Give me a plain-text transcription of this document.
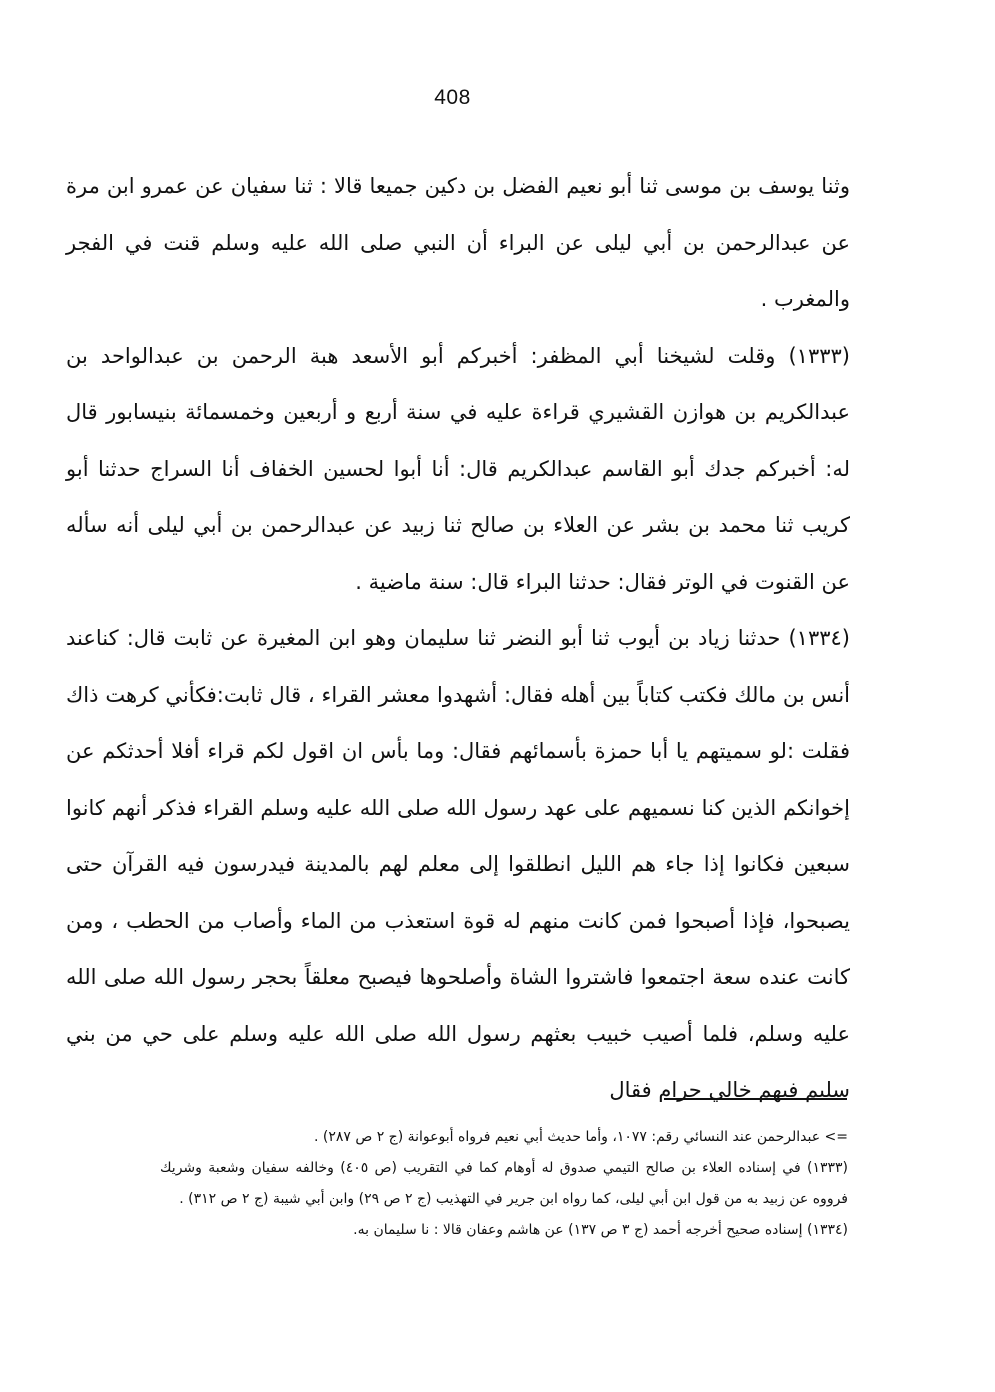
408

وثنا يوسف بن موسى ثنا أبو نعيم الفضل بن دكين جميعا قالا : ثنا سفيان عن عمرو ابن مرة عن عبدالرحمن بن أبي ليلى عن البراء أن النبي صلى الله عليه وسلم قنت في الفجر والمغرب .

(١٣٣٣) وقلت لشيخنا أبي المظفر: أخبركم أبو الأسعد هبة الرحمن بن عبدالواحد بن عبدالكريم بن هوازن القشيري قراءة عليه في سنة أربع و أربعين وخمسمائة بنيسابور قال له: أخبركم جدك أبو القاسم عبدالكريم قال: أنا أبوا لحسين الخفاف أنا السراج حدثنا أبو كريب ثنا محمد بن بشر عن العلاء بن صالح ثنا زبيد عن عبدالرحمن بن أبي ليلى أنه سأله عن القنوت في الوتر فقال: حدثنا البراء قال: سنة ماضية .

(١٣٣٤) حدثنا زياد بن أيوب ثنا أبو النضر ثنا سليمان وهو ابن المغيرة عن ثابت قال: كناعند أنس بن مالك فكتب كتاباً بين أهله فقال: أشهدوا معشر القراء ، قال ثابت:فكأني كرهت ذاك فقلت :لو سميتهم يا أبا حمزة بأسمائهم فقال: وما بأس ان اقول لكم قراء أفلا أحدثكم عن إخوانكم الذين كنا نسميهم على عهد رسول الله صلى الله عليه وسلم القراء فذكر أنهم كانوا سبعين فكانوا إذا جاء هم الليل انطلقوا إلى معلم لهم بالمدينة فيدرسون فيه القرآن حتى يصبحوا، فإذا أصبحوا فمن كانت منهم له قوة استعذب من الماء وأصاب من الحطب ، ومن كانت عنده سعة اجتمعوا فاشتروا الشاة وأصلحوها فيصبح معلقاً بحجر رسول الله صلى الله عليه وسلم، فلما أصيب خبيب بعثهم رسول الله صلى الله عليه وسلم على حي من بني سليم فيهم خالي حرام فقال

=> عبدالرحمن عند النسائي رقم: ١٠٧٧، وأما حديث أبي نعيم فرواه أبوعوانة (ج ٢ ص ٢٨٧) .

(١٣٣٣) في إسناده العلاء بن صالح التيمي صدوق له أوهام كما في التقريب (ص ٤٠٥) وخالفه سفيان وشعبة وشريك فرووه عن زبيد به من قول ابن أبي ليلى، كما رواه ابن جرير في التهذيب (ج ٢ ص ٢٩) وابن أبي شيبة (ج ٢ ص ٣١٢) .

(١٣٣٤) إسناده صحيح أخرجه أحمد (ج ٣ ص ١٣٧) عن هاشم وعفان قالا : نا سليمان به.
